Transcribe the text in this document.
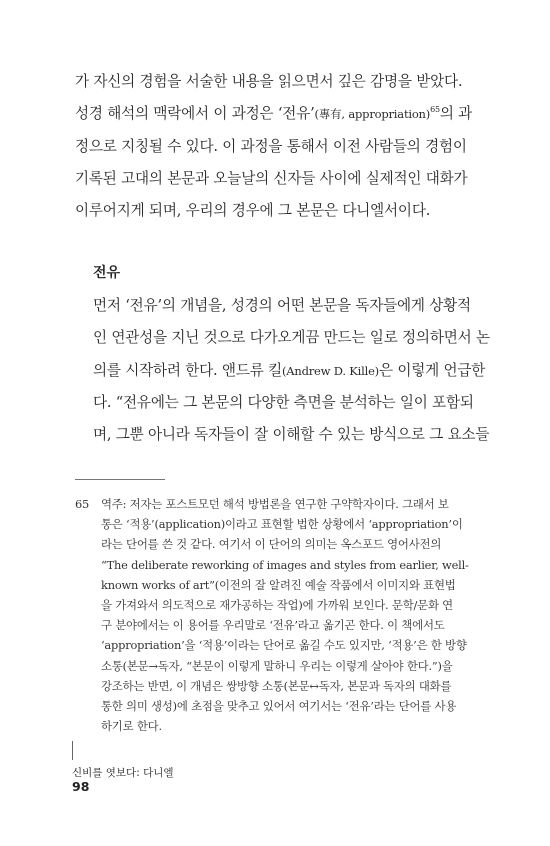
가 자신의 경험을 서술한 내용을 읽으면서 깊은 감명을 받았다.
성경 해석의 맥락에서 이 과정은 ‘전유’(專有, appropriation)$^{65}$의 과
정으로 지칭될 수 있다. 이 과정을 통해서 이전 사람들의 경험이
기록된 고대의 본문과 오늘날의 신자들 사이에 실제적인 대화가
이루어지게 되며, 우리의 경우에 그 본문은 다니엘서이다.
전유
먼저 ‘전유’의 개념을, 성경의 어떤 본문을 독자들에게 상황적
인 연관성을 지닌 것으로 다가오게끔 만드는 일로 정의하면서 논
의를 시작하려 한다. 앤드류 킬(Andrew D. Kille)은 이렇게 언급한
다. “전유에는 그 본문의 다양한 측면을 분석하는 일이 포함되
며, 그뿐 아니라 독자들이 잘 이해할 수 있는 방식으로 그 요소들
65 역주: 저자는 포스트모던 해석 방법론을 연구한 구약학자이다. 그래서 보
통은 ‘적용’(application)이라고 표현할 법한 상황에서 ‘appropriation’이
라는 단어를 쓴 것 같다. 여기서 이 단어의 의미는 옥스포드 영어사전의
“The deliberate reworking of images and styles from earlier, well-
known works of art”(이전의 잘 알려진 예술 작품에서 이미지와 표현법
을 가져와서 의도적으로 재가공하는 작업)에 가까워 보인다. 문학/문화 연
구 분야에서는 이 용어를 우리말로 ‘전유’라고 옮기곤 한다. 이 책에서도
‘appropriation’을 ‘적용’이라는 단어로 옮길 수도 있지만, ‘적용’은 한 방향
소통(본문→독자, “본문이 이렇게 말하니 우리는 이렇게 살아야 한다.”)을
강조하는 반면, 이 개념은 쌍방향 소통(본문↔독자, 본문과 독자의 대화를
통한 의미 생성)에 초점을 맞추고 있어서 여기서는 ‘전유’라는 단어를 사용
하기로 한다.
신비를 엿보다: 다니엘
98
